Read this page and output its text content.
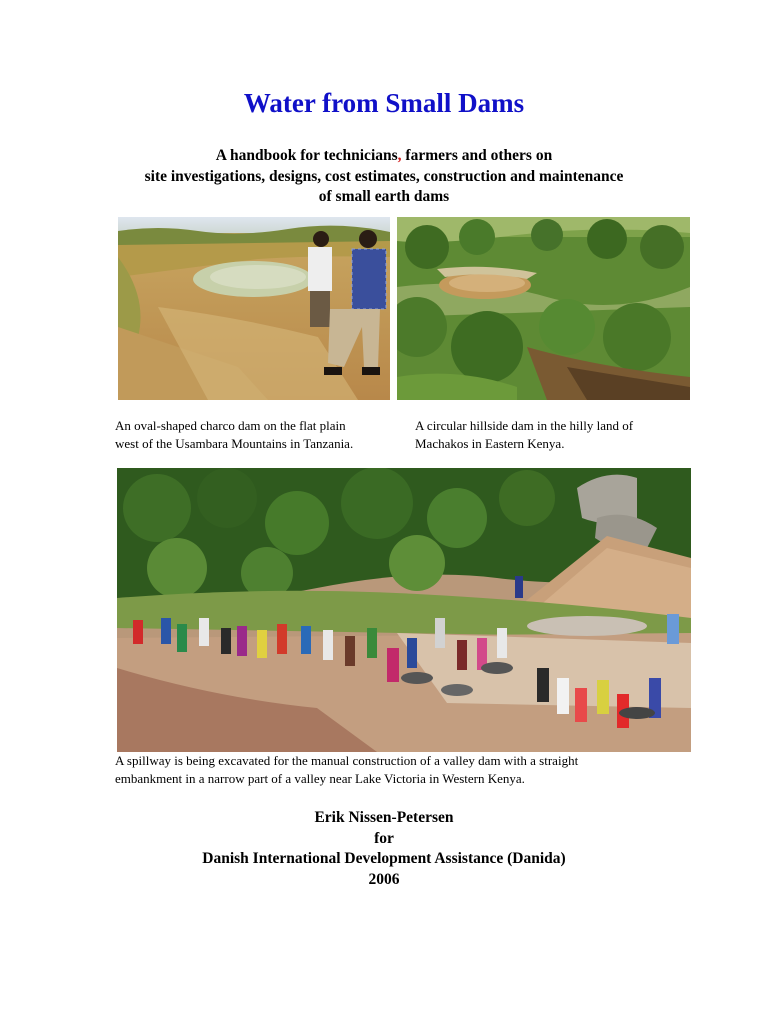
Water from Small Dams
A handbook for technicians, farmers and others on
site investigations, designs, cost estimates, construction and maintenance
of small earth dams
An oval-shaped charco dam on the flat plain
west of the Usambara Mountains in Tanzania.
A circular hillside dam in the hilly land of
Machakos in Eastern Kenya.
A spillway is being excavated for the manual construction of a valley dam with a straight
embankment in a narrow part of a valley near Lake Victoria in Western Kenya.
Erik Nissen-Petersen
for
Danish International Development Assistance (Danida)
2006
